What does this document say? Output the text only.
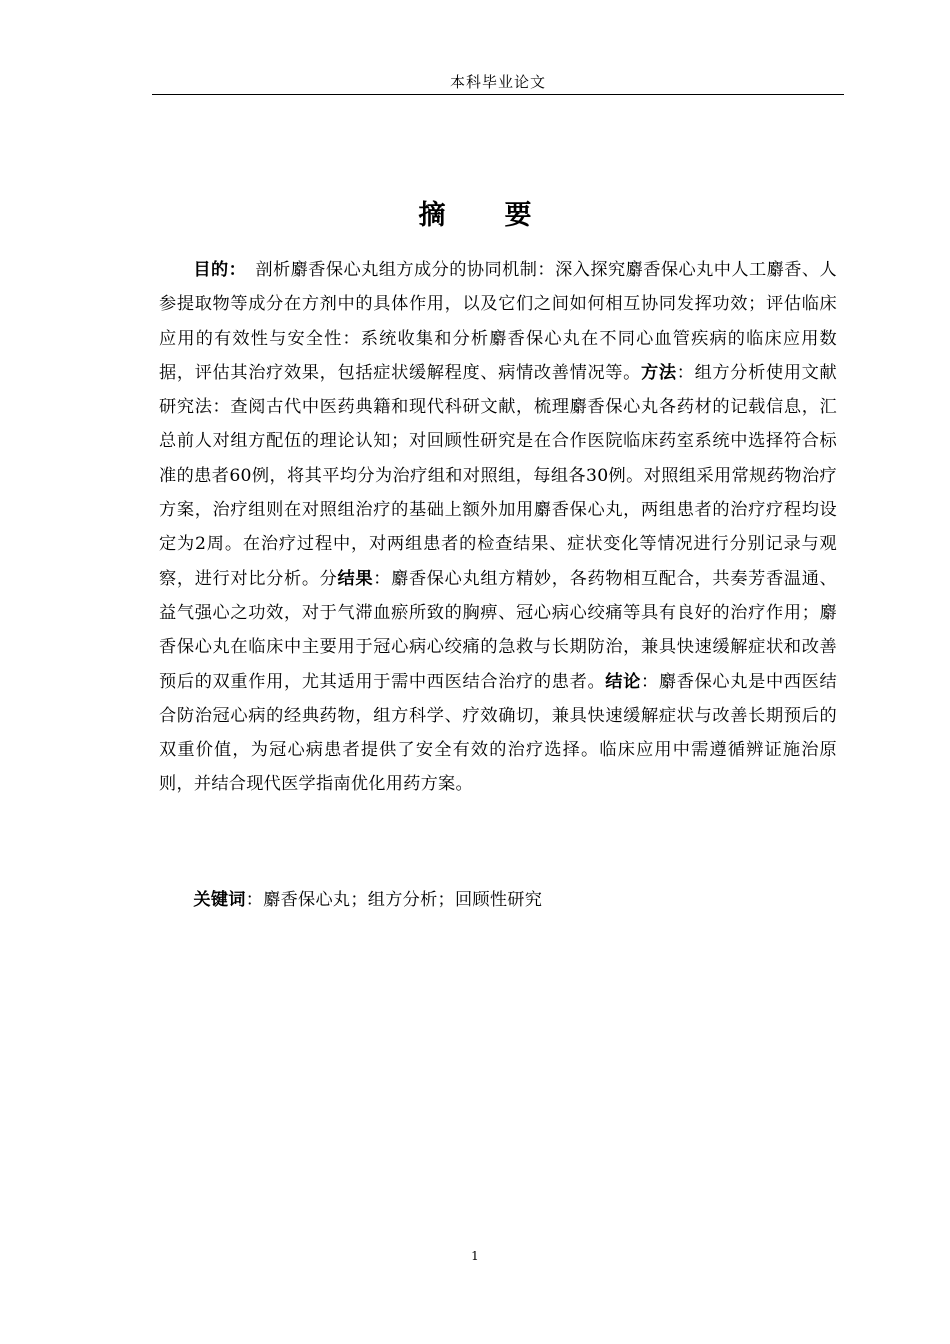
本科毕业论文
摘　要

目的：　剖析麝香保心丸组方成分的协同机制：深入探究麝香保心丸中人工麝香、人参提取物等成分在方剂中的具体作用，以及它们之间如何相互协同发挥功效；评估临床应用的有效性与安全性：系统收集和分析麝香保心丸在不同心血管疾病的临床应用数据，评估其治疗效果，包括症状缓解程度、病情改善情况等。方法：组方分析使用文献研究法：查阅古代中医药典籍和现代科研文献，梳理麝香保心丸各药材的记载信息，汇总前人对组方配伍的理论认知；对回顾性研究是在合作医院临床药室系统中选择符合标准的患者60例，将其平均分为治疗组和对照组，每组各30例。对照组采用常规药物治疗方案，治疗组则在对照组治疗的基础上额外加用麝香保心丸，两组患者的治疗疗程均设定为2周。在治疗过程中，对两组患者的检查结果、症状变化等情况进行分别记录与观察，进行对比分析。分结果：麝香保心丸组方精妙，各药物相互配合，共奏芳香温通、益气强心之功效，对于气滞血瘀所致的胸痹、冠心病心绞痛等具有良好的治疗作用；麝香保心丸在临床中主要用于冠心病心绞痛的急救与长期防治，兼具快速缓解症状和改善预后的双重作用，尤其适用于需中西医结合治疗的患者。结论：麝香保心丸是中西医结合防治冠心病的经典药物，组方科学、疗效确切，兼具快速缓解症状与改善长期预后的双重价值，为冠心病患者提供了安全有效的治疗选择。临床应用中需遵循辨证施治原则，并结合现代医学指南优化用药方案。

关键词：麝香保心丸；组方分析；回顾性研究

1
